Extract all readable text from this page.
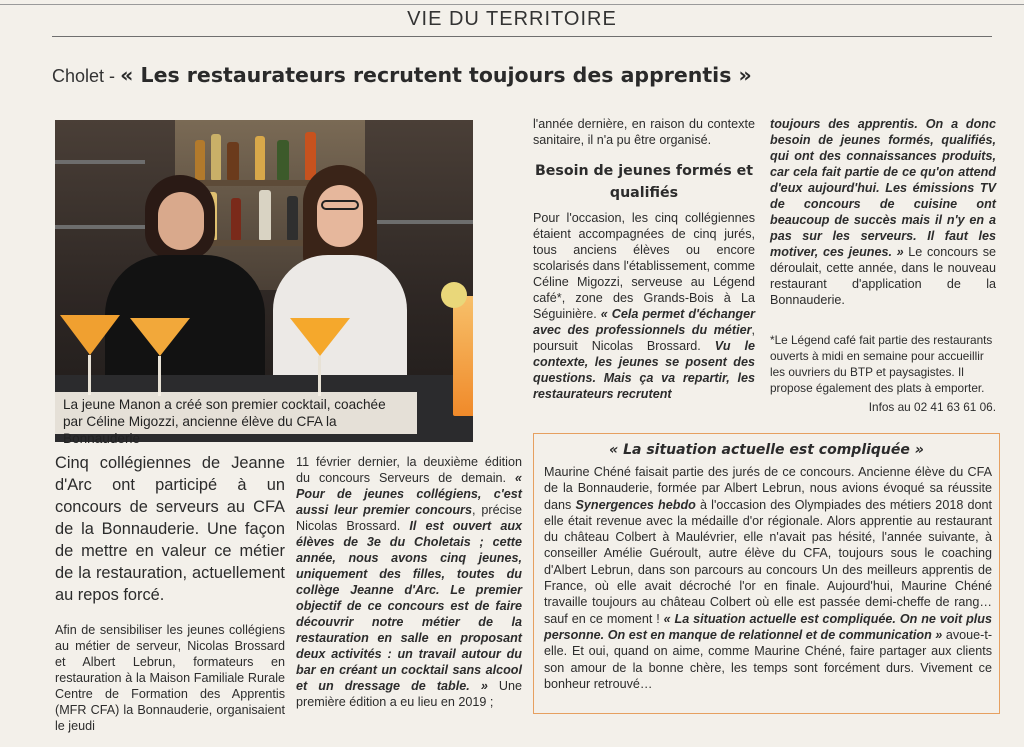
VIE DU TERRITOIRE
Cholet - « Les restaurateurs recrutent toujours des apprentis »
La jeune Manon a créé son premier cocktail, coachée
par Céline Migozzi, ancienne élève du CFA la Bonnauderie
Cinq collégiennes de Jeanne d'Arc ont participé à un concours de serveurs au CFA de la Bonnauderie. Une façon de mettre en valeur ce métier de la restauration, actuellement au repos forcé.
Afin de sensibiliser les jeunes collégiens au métier de serveur, Nicolas Brossard et Albert Lebrun, formateurs en restauration à la Maison Familiale Rurale Centre de Formation des Apprentis (MFR CFA) la Bonnauderie, organisaient le jeudi
11 février dernier, la deuxième édition du concours Serveurs de demain. « Pour de jeunes collégiens, c'est aussi leur premier concours, précise Nicolas Brossard. Il est ouvert aux élèves de 3e du Choletais ; cette année, nous avons cinq jeunes, uniquement des filles, toutes du collège Jeanne d'Arc. Le premier objectif de ce concours est de faire découvrir notre métier de la restauration en salle en proposant deux activités : un travail autour du bar en créant un cocktail sans alcool et un dressage de table. » Une première édition a eu lieu en 2019 ;
l'année dernière, en raison du contexte sanitaire, il n'a pu être organisé.
Besoin de jeunes formés et qualifiés
Pour l'occasion, les cinq collégiennes étaient accompagnées de cinq jurés, tous anciens élèves ou encore scolarisés dans l'établissement, comme Céline Migozzi, serveuse au Légend café*, zone des Grands-Bois à La Séguinière. « Cela permet d'échanger avec des professionnels du métier, poursuit Nicolas Brossard. Vu le contexte, les jeunes se posent des questions. Mais ça va repartir, les restaurateurs recrutent
toujours des apprentis. On a donc besoin de jeunes formés, qualifiés, qui ont des connaissances produits, car cela fait partie de ce qu'on attend d'eux aujourd'hui. Les émissions TV de concours de cuisine ont beaucoup de succès mais il n'y en a pas sur les serveurs. Il faut les motiver, ces jeunes. » Le concours se déroulait, cette année, dans le nouveau restaurant d'application de la Bonnauderie.
*Le Légend café fait partie des restaurants ouverts à midi en semaine pour accueillir les ouvriers du BTP et paysagistes. Il propose également des plats à emporter.
Infos au 02 41 63 61 06.
« La situation actuelle est compliquée »
Maurine Chéné faisait partie des jurés de ce concours. Ancienne élève du CFA de la Bonnauderie, formée par Albert Lebrun, nous avions évoqué sa réussite dans Synergences hebdo à l'occasion des Olympiades des métiers 2018 dont elle était revenue avec la médaille d'or régionale. Alors apprentie au restaurant du château Colbert à Maulévrier, elle n'avait pas hésité, l'année suivante, à conseiller Amélie Guéroult, autre élève du CFA, toujours sous le coaching d'Albert Lebrun, dans son parcours au concours Un des meilleurs apprentis de France, où elle avait décroché l'or en finale. Aujourd'hui, Maurine Chéné travaille toujours au château Colbert où elle est passée demi-cheffe de rang… sauf en ce moment ! « La situation actuelle est compliquée. On ne voit plus personne. On est en manque de relationnel et de communication » avoue-t-elle. Et oui, quand on aime, comme Maurine Chéné, faire partager aux clients son amour de la bonne chère, les temps sont forcément durs. Vivement ce bonheur retrouvé…
